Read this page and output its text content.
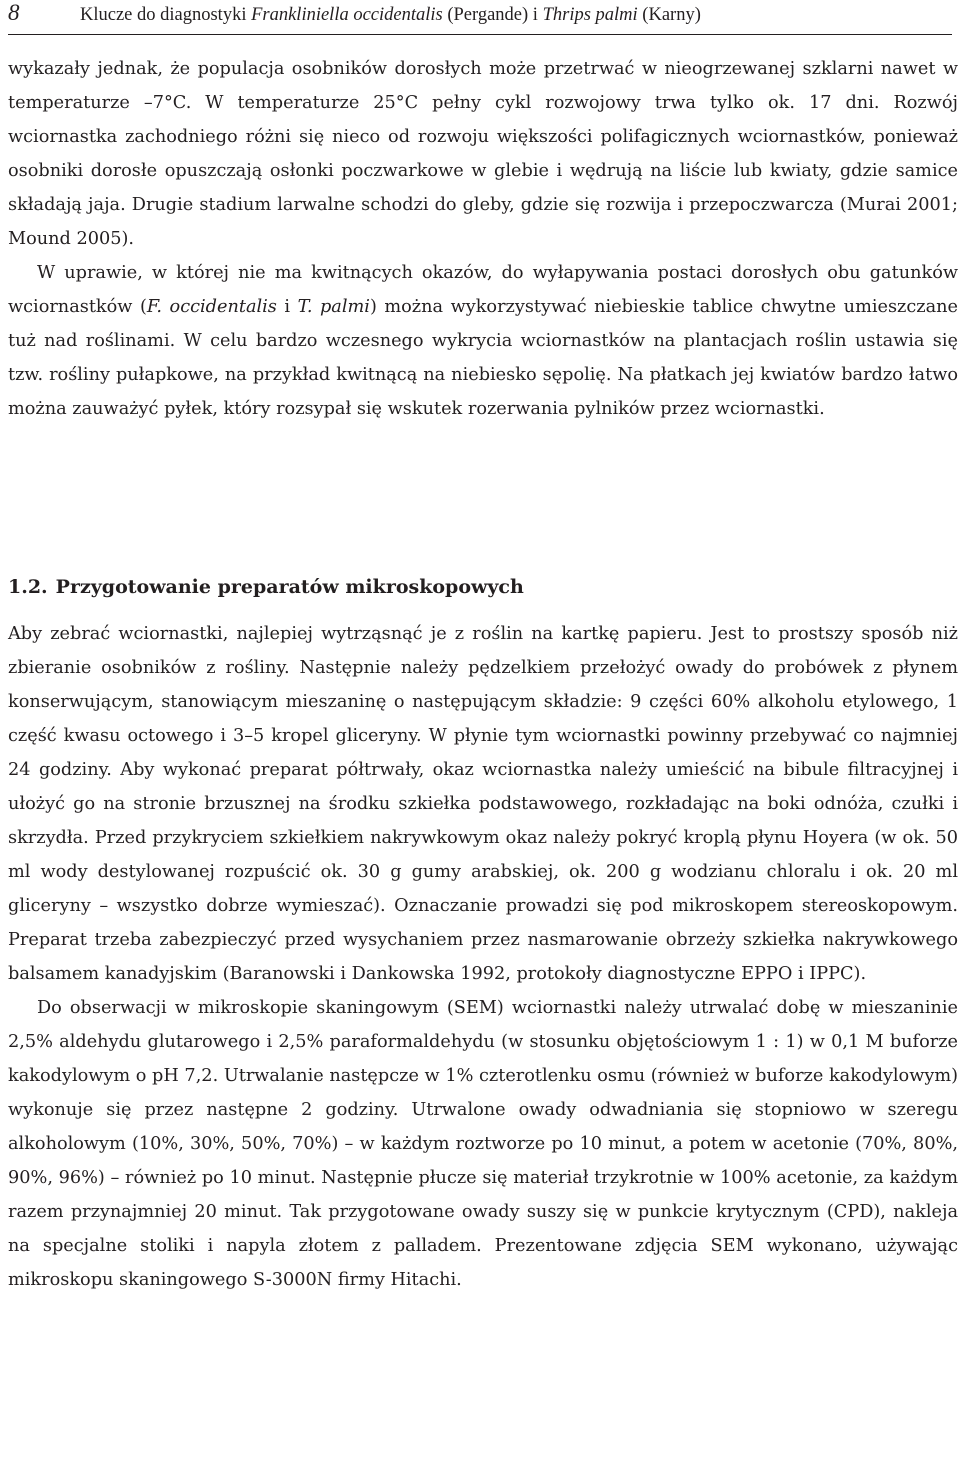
8	Klucze do diagnostyki Frankliniella occidentalis (Pergande) i Thrips palmi (Karny)

wykazały jednak, że populacja osobników dorosłych może przetrwać w nieogrzewanej szklarni nawet w temperaturze –7°C. W temperaturze 25°C pełny cykl rozwojowy trwa tylko ok. 17 dni. Rozwój wciornastka zachodniego różni się nieco od rozwoju większości polifagicznych wciornastków, ponieważ osobniki dorosłe opuszczają osłonki poczwarkowe w glebie i wędrują na liście lub kwiaty, gdzie samice składają jaja. Drugie stadium larwalne schodzi do gleby, gdzie się rozwija i przepoczwarcza (Murai 2001; Mound 2005).

W uprawie, w której nie ma kwitnących okazów, do wyłapywania postaci dorosłych obu gatunków wciornastków (F. occidentalis i T. palmi) można wykorzystywać niebieskie tablice chwytne umieszczane tuż nad roślinami. W celu bardzo wczesnego wykrycia wciornastków na plantacjach roślin ustawia się tzw. rośliny pułapkowe, na przykład kwitnącą na niebiesko sępolię. Na płatkach jej kwiatów bardzo łatwo można zauważyć pyłek, który rozsypał się wskutek rozerwania pylników przez wciornastki.

1.2. Przygotowanie preparatów mikroskopowych

Aby zebrać wciornastki, najlepiej wytrząsnąć je z roślin na kartkę papieru. Jest to prostszy sposób niż zbieranie osobników z rośliny. Następnie należy pędzelkiem przełożyć owady do probówek z płynem konserwującym, stanowiącym mieszaninę o następującym składzie: 9 części 60% alkoholu etylowego, 1 część kwasu octowego i 3–5 kropel gliceryny. W płynie tym wciornastki powinny przebywać co najmniej 24 godziny. Aby wykonać preparat półtrwały, okaz wciornastka należy umieścić na bibule filtracyjnej i ułożyć go na stronie brzusznej na środku szkiełka podstawowego, rozkładając na boki odnóża, czułki i skrzydła. Przed przykryciem szkiełkiem nakrywkowym okaz należy pokryć kroplą płynu Hoyera (w ok. 50 ml wody destylowanej rozpuścić ok. 30 g gumy arabskiej, ok. 200 g wodzianu chloralu i ok. 20 ml gliceryny – wszystko dobrze wymieszać). Oznaczanie prowadzi się pod mikroskopem stereoskopowym. Preparat trzeba zabezpieczyć przed wysychaniem przez nasmarowanie obrzeży szkiełka nakrywkowego balsamem kanadyjskim (Baranowski i Dankowska 1992, protokoły diagnostyczne EPPO i IPPC).

Do obserwacji w mikroskopie skaningowym (SEM) wciornastki należy utrwalać dobę w mieszaninie 2,5% aldehydu glutarowego i 2,5% paraformaldehydu (w stosunku objętościowym 1 : 1) w 0,1 M buforze kakodylowym o pH 7,2. Utrwalanie następcze w 1% czterotlenku osmu (również w buforze kakodylowym) wykonuje się przez następne 2 godziny. Utrwalone owady odwadniania się stopniowo w szeregu alkoholowym (10%, 30%, 50%, 70%) – w każdym roztworze po 10 minut, a potem w acetonie (70%, 80%, 90%, 96%) – również po 10 minut. Następnie płucze się materiał trzykrotnie w 100% acetonie, za każdym razem przynajmniej 20 minut. Tak przygotowane owady suszy się w punkcie krytycznym (CPD), nakleja na specjalne stoliki i napyla złotem z palladem. Prezentowane zdjęcia SEM wykonano, używając mikroskopu skaningowego S-3000N firmy Hitachi.
